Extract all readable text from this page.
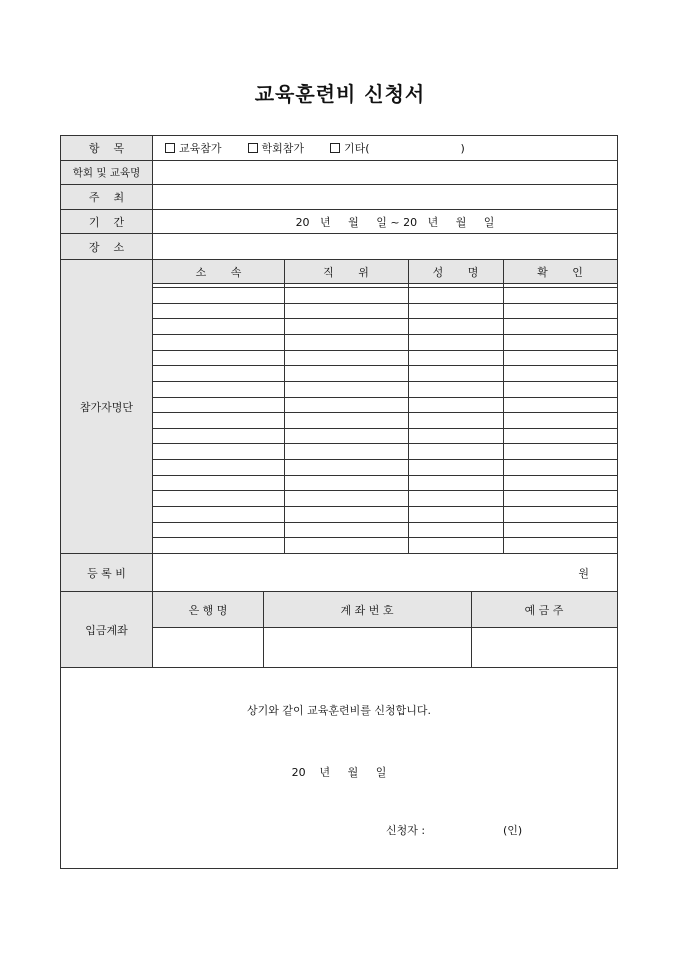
교육훈련비 신청서
항    목	교육참가	학회참가	기타(                          )
학회 및 교육명
주    최
기    간	20   년     월     일 ~ 20   년     월     일
장    소
참가자명단
소       속	직       위	성       명	확       인
등 록 비	원
입금계좌
은 행 명	계 좌 번 호	예 금 주
상기와 같이 교육훈련비를 신청합니다.
20    년     월     일
신청자 :	(인)
